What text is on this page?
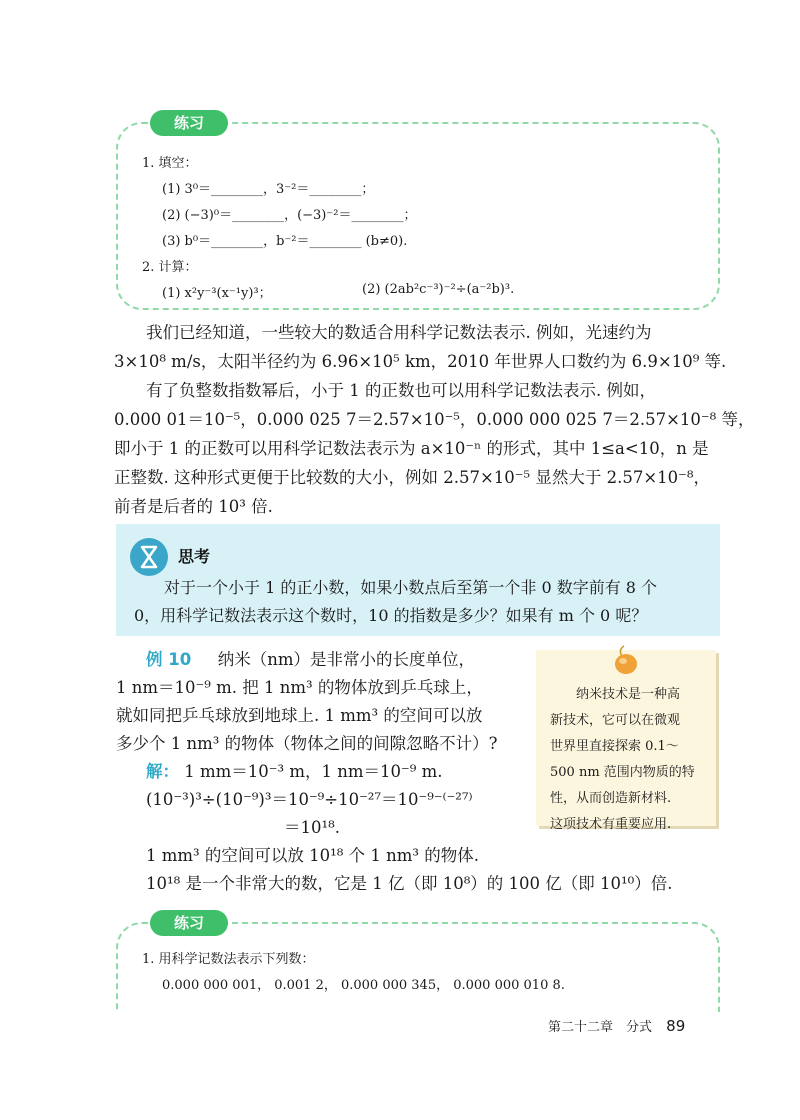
练习
1. 填空：
(1) 3⁰＝________，3⁻²＝________；
(2) (−3)⁰＝________，(−3)⁻²＝________；
(3) b⁰＝________，b⁻²＝________ (b≠0).
2. 计算：
(1) x²y⁻³(x⁻¹y)³；	(2) (2ab²c⁻³)⁻²÷(a⁻²b)³.

我们已经知道，一些较大的数适合用科学记数法表示. 例如，光速约为

3×10⁸ m/s，太阳半径约为 6.96×10⁵ km，2010 年世界人口数约为 6.9×10⁹ 等.

有了负整数指数幂后，小于 1 的正数也可以用科学记数法表示. 例如，

0.000 01＝10⁻⁵，0.000 025 7＝2.57×10⁻⁵，0.000 000 025 7＝2.57×10⁻⁸ 等，

即小于 1 的正数可以用科学记数法表示为 a×10⁻ⁿ 的形式，其中 1≤a<10，n 是

正整数. 这种形式更便于比较数的大小，例如 2.57×10⁻⁵ 显然大于 2.57×10⁻⁸，

前者是后者的 10³ 倍.

思考

对于一个小于 1 的正小数，如果小数点后至第一个非 0 数字前有 8 个

0，用科学记数法表示这个数时，10 的指数是多少？如果有 m 个 0 呢？

例 10 纳米（nm）是非常小的长度单位，

1 nm＝10⁻⁹ m. 把 1 nm³ 的物体放到乒乓球上，

就如同把乒乓球放到地球上. 1 mm³ 的空间可以放

多少个 1 nm³ 的物体（物体之间的间隙忽略不计）?

解： 1 mm＝10⁻³ m，1 nm＝10⁻⁹ m.

(10⁻³)³÷(10⁻⁹)³＝10⁻⁹÷10⁻²⁷＝10⁻⁹⁻⁽⁻²⁷⁾

＝10¹⁸.

1 mm³ 的空间可以放 10¹⁸ 个 1 nm³ 的物体.

10¹⁸ 是一个非常大的数，它是 1 亿（即 10⁸）的 100 亿（即 10¹⁰）倍.

纳米技术是一种高

新技术，它可以在微观

世界里直接探索 0.1～

500 nm 范围内物质的特

性，从而创造新材料.

这项技术有重要应用.

练习
1. 用科学记数法表示下列数：
0.000 000 001， 0.001 2， 0.000 000 345， 0.000 000 010 8.
第二十二章　分式 89
